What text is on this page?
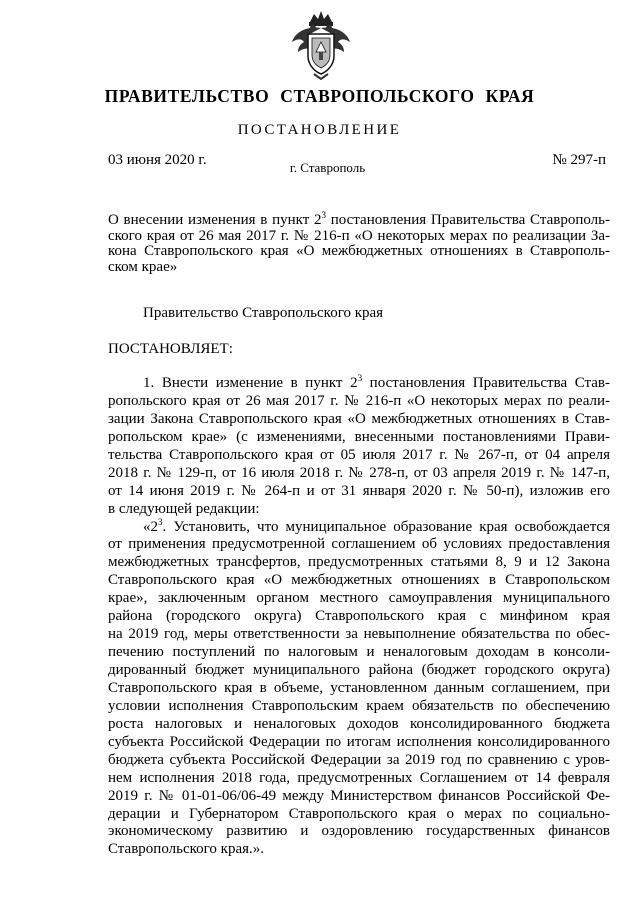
ПРАВИТЕЛЬСТВО СТАВРОПОЛЬСКОГО КРАЯ
ПОСТАНОВЛЕНИЕ
03 июня 2020 г.	г. Ставрополь	№ 297-п
О внесении изменения в пункт $2^3$ постановления Правительства Ставрополь-
ского края от 26 мая 2017 г. № 216-п «О некоторых мерах по реализации За-
кона Ставропольского края «О межбюджетных отношениях в Ставрополь-
ском крае»
Правительство Ставропольского края
ПОСТАНОВЛЯЕТ:
1. Внести изменение в пункт $2^3$ постановления Правительства Став-
ропольского края от 26 мая 2017 г. № 216-п «О некоторых мерах по реали-
зации Закона Ставропольского края «О межбюджетных отношениях в Став-
ропольском крае» (с изменениями, внесенными постановлениями Прави-
тельства Ставропольского края от 05 июля 2017 г. № 267-п, от 04 апреля
2018 г. № 129-п, от 16 июля 2018 г. № 278-п, от 03 апреля 2019 г. № 147-п,
от 14 июня 2019 г. № 264-п и от 31 января 2020 г. № 50-п), изложив его
в следующей редакции:
«$2^3$. Установить, что муниципальное образование края освобождается
от применения предусмотренной соглашением об условиях предоставления
межбюджетных трансфертов, предусмотренных статьями 8, 9 и 12 Закона
Ставропольского края «О межбюджетных отношениях в Ставропольском
крае», заключенным органом местного самоуправления муниципального
района (городского округа) Ставропольского края с минфином края
на 2019 год, меры ответственности за невыполнение обязательства по обес-
печению поступлений по налоговым и неналоговым доходам в консоли-
дированный бюджет муниципального района (бюджет городского округа)
Ставропольского края в объеме, установленном данным соглашением, при
условии исполнения Ставропольским краем обязательств по обеспечению
роста налоговых и неналоговых доходов консолидированного бюджета
субъекта Российской Федерации по итогам исполнения консолидированного
бюджета субъекта Российской Федерации за 2019 год по сравнению с уров-
нем исполнения 2018 года, предусмотренных Соглашением от 14 февраля
2019 г. № 01-01-06/06-49 между Министерством финансов Российской Фе-
дерации и Губернатором Ставропольского края о мерах по социально-
экономическому развитию и оздоровлению государственных финансов
Ставропольского края.».
